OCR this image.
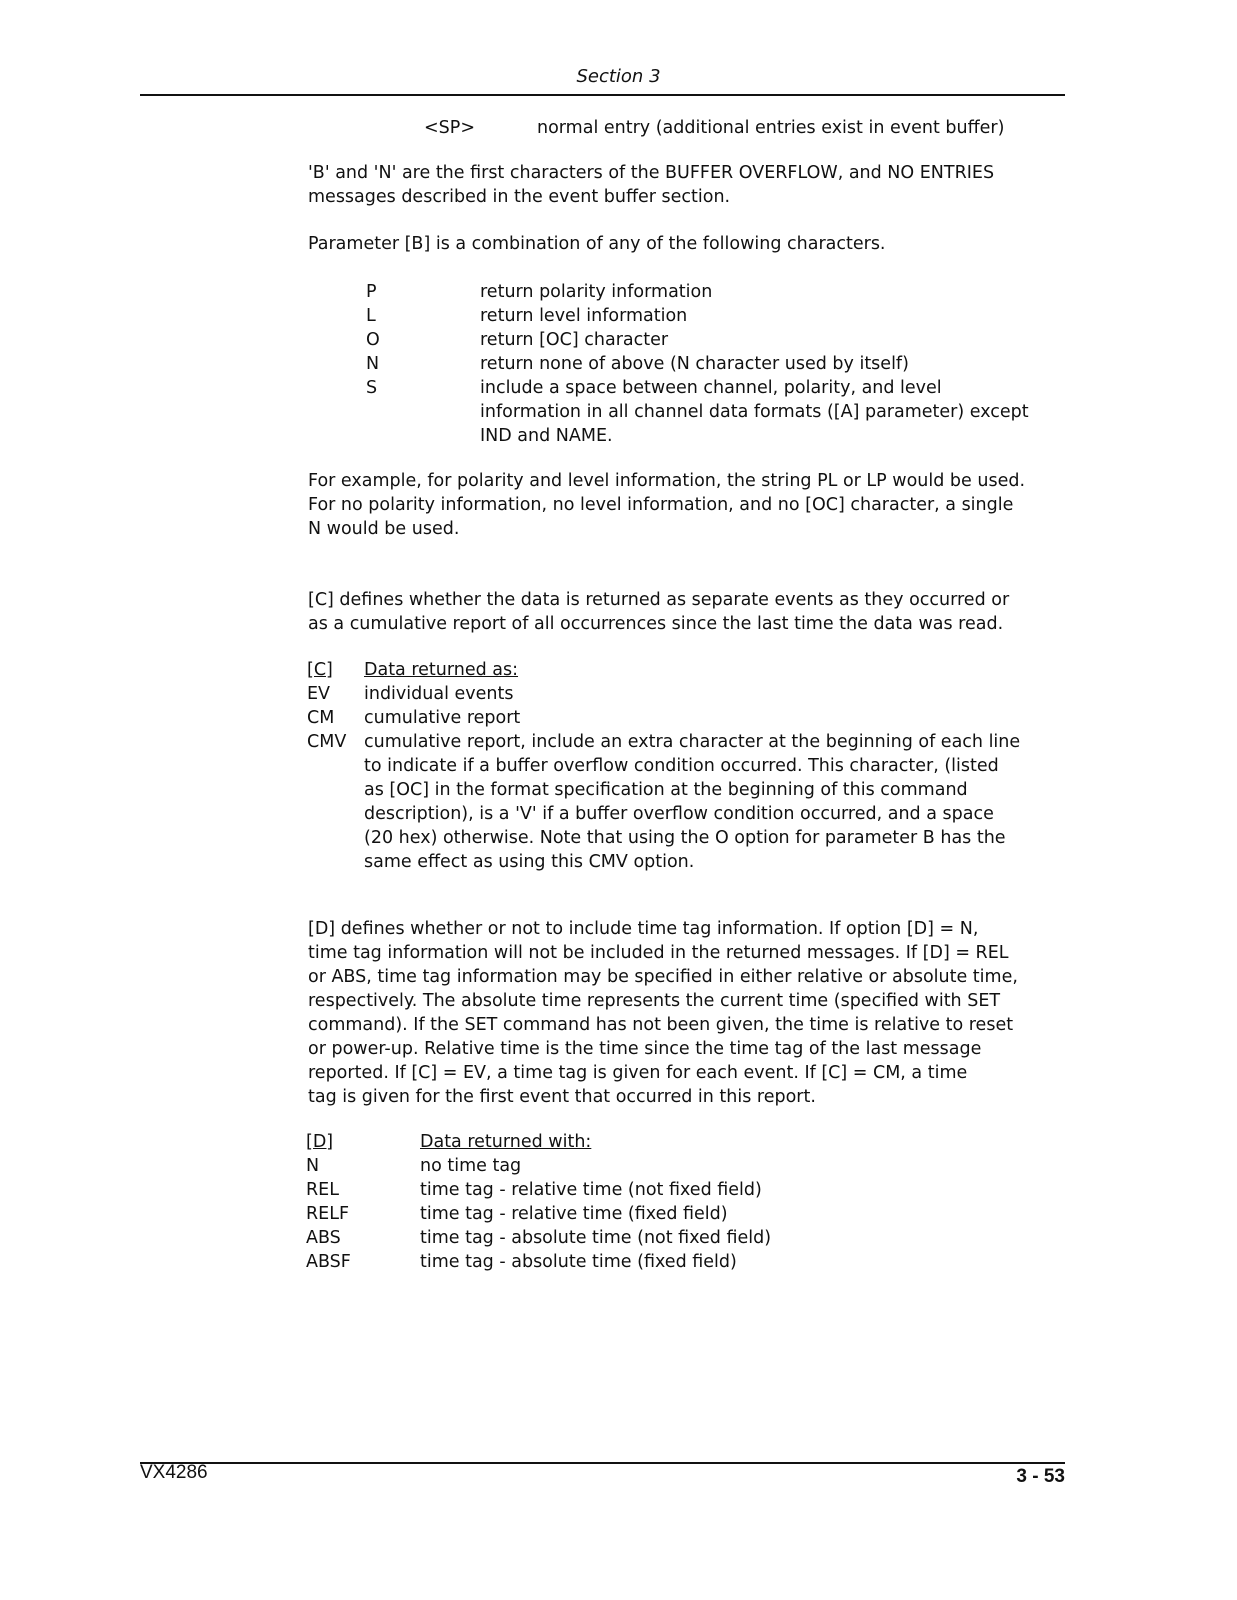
Section 3
<SP>	normal entry (additional entries exist in event buffer)
'B' and 'N' are the first characters of the BUFFER OVERFLOW, and NO ENTRIES
messages described in the event buffer section.
Parameter [B] is a combination of any of the following characters.
P
L
O
N
S
return polarity information
return level information
return [OC] character
return none of above (N character used by itself)
include a space between channel, polarity, and level
information in all channel data formats ([A] parameter) except
IND and NAME.
For example, for polarity and level information, the string PL or LP would be used.
For no polarity information, no level information, and no [OC] character, a single
N would be used.
[C] defines whether the data is returned as separate events as they occurred or
as a cumulative report of all occurrences since the last time the data was read.
[C]
EV
CM
CMV
Data returned as:
individual events
cumulative report
cumulative report, include an extra character at the beginning of each line
to indicate if a buffer overflow condition occurred. This character, (listed
as [OC] in the format specification at the beginning of this command
description), is a 'V' if a buffer overflow condition occurred, and a space
(20 hex) otherwise. Note that using the O option for parameter B has the
same effect as using this CMV option.
[D] defines whether or not to include time tag information. If option [D] = N,
time tag information will not be included in the returned messages. If [D] = REL
or ABS, time tag information may be specified in either relative or absolute time,
respectively. The absolute time represents the current time (specified with SET
command). If the SET command has not been given, the time is relative to reset
or power-up. Relative time is the time since the time tag of the last message
reported. If [C] = EV, a time tag is given for each event. If [C] = CM, a time
tag is given for the first event that occurred in this report.
[D]
N
REL
RELF
ABS
ABSF
Data returned with:
no time tag
time tag - relative time (not fixed field)
time tag - relative time (fixed field)
time tag - absolute time (not fixed field)
time tag - absolute time (fixed field)
VX4286	3 - 53
